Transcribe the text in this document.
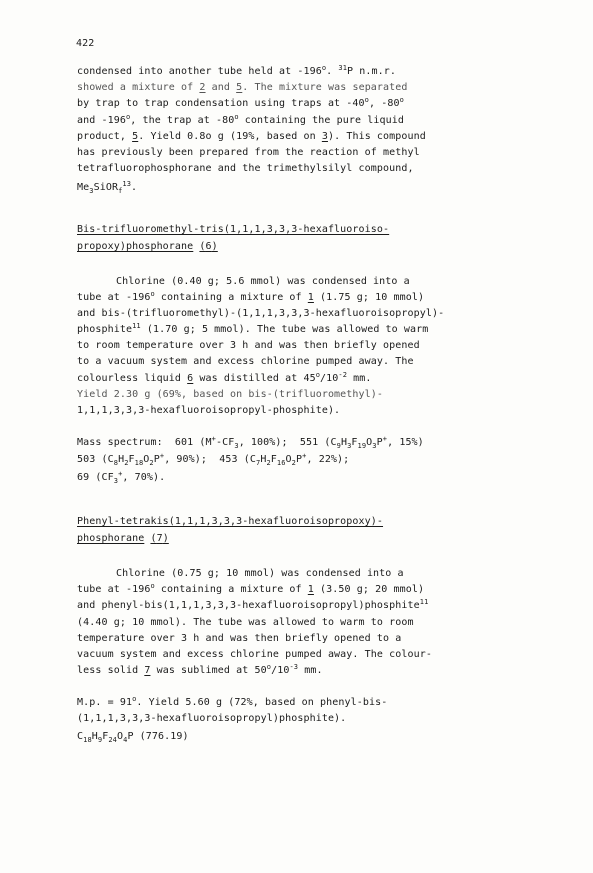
422
condensed into another tube held at -196$^o$. $^{31}$P n.m.r.
showed a mixture of 2 and 5. The mixture was separated
by trap to trap condensation using traps at -40$^o$, -80$^o$
and -196$^o$, the trap at -80$^o$ containing the pure liquid
product, 5. Yield 0.8o g (19%, based on 3). This compound
has previously been prepared from the reaction of methyl
tetrafluorophosphorane and the trimethylsilyl compound,
$Me_3SiOR_f^{13}$.
Bis-trifluoromethyl-tris(1,1,1,3,3,3-hexafluoroiso-
propoxy)phosphorane (6)
Chlorine (0.40 g; 5.6 mmol) was condensed into a
tube at -196$^o$ containing a mixture of 1 (1.75 g; 10 mmol)
and bis-(trifluoromethyl)-(1,1,1,3,3,3-hexafluoroisopropyl)-
phosphite$^{11}$ (1.70 g; 5 mmol). The tube was allowed to warm
to room temperature over 3 h and was then briefly opened
to a vacuum system and excess chlorine pumped away. The
colourless liquid 6 was distilled at $45^o/10^{-2}$ mm.
Yield 2.30 g (69%, based on bis-(trifluoromethyl)-
1,1,1,3,3,3-hexafluoroisopropyl-phosphite).
Mass spectrum:  601 ($M^+-CF_3$, 100%);  551 ($C_9H_3F_{19}O_3P^+$, 15%)
503 ($C_8H_2F_{18}O_2P^+$, 90%);  453 ($C_7H_2F_{16}O_2P^+$, 22%);
69 ($CF_3^+$, 70%).
Phenyl-tetrakis(1,1,1,3,3,3-hexafluoroisopropoxy)-
phosphorane (7)
Chlorine (0.75 g; 10 mmol) was condensed into a
tube at -196$^o$ containing a mixture of 1 (3.50 g; 20 mmol)
and phenyl-bis(1,1,1,3,3,3-hexafluoroisopropyl)phosphite$^{11}$
(4.40 g; 10 mmol). The tube was allowed to warm to room
temperature over 3 h and was then briefly opened to a
vacuum system and excess chlorine pumped away. The colour-
less solid 7 was sublimed at $50^o/10^{-3}$ mm.
M.p. = $91^o$. Yield 5.60 g (72%, based on phenyl-bis-
(1,1,1,3,3,3-hexafluoroisopropyl)phosphite).
$C_{18}H_9F_{24}O_4P$ (776.19)
